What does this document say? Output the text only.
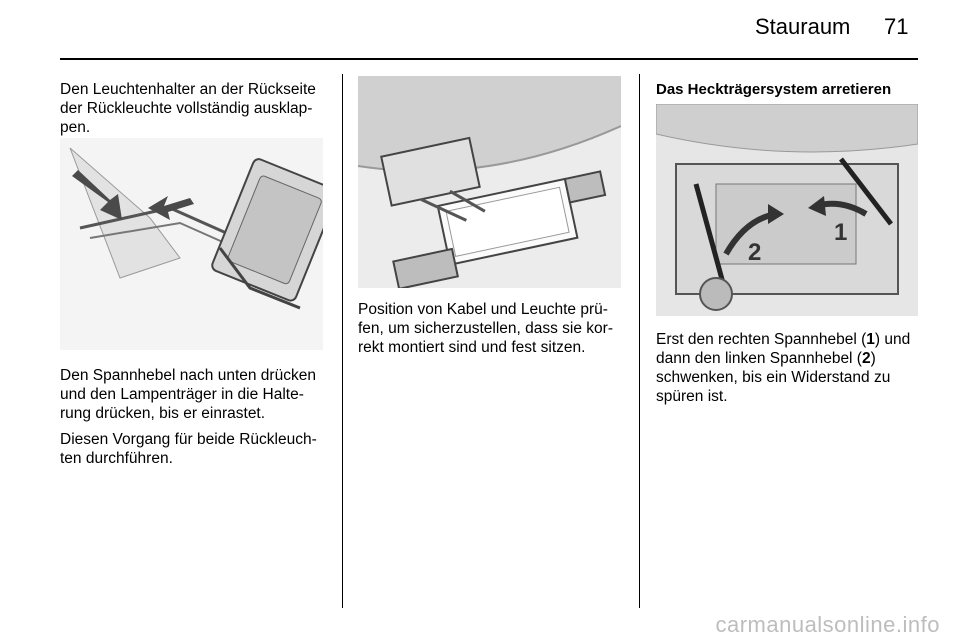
Stauraum 71

Den Leuchtenhalter an der Rückseite der Rückleuchte vollständig ausklappen.

Den Spannhebel nach unten drücken und den Lampenträger in die Halterung drücken, bis er einrastet.

Diesen Vorgang für beide Rückleuchten durchführen.

Position von Kabel und Leuchte prüfen, um sicherzustellen, dass sie korrekt montiert sind und fest sitzen.

Das Heckträgersystem arretieren

2
1

Erst den rechten Spannhebel (1) und dann den linken Spannhebel (2) schwenken, bis ein Widerstand zu spüren ist.

carmanualsonline.info
